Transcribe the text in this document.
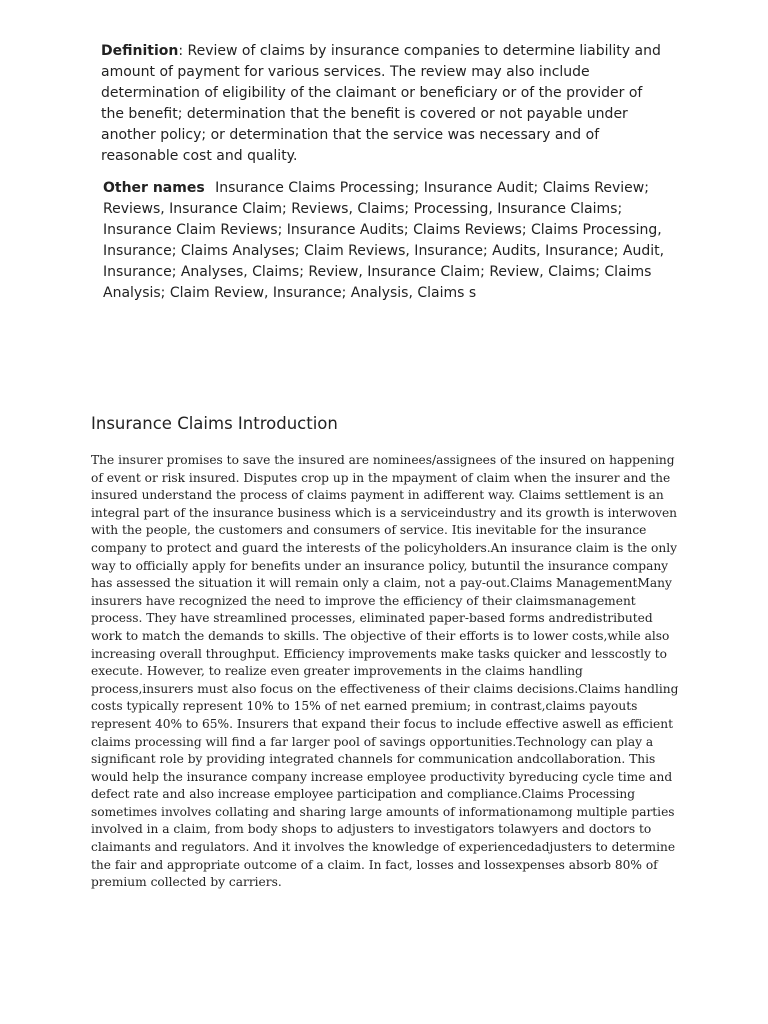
Definition: Review of claims by insurance companies to determine liability and amount of payment for various services. The review may also include determination of eligibility of the claimant or beneficiary or of the provider of the benefit; determination that the benefit is covered or not payable under another policy; or determination that the service was necessary and of reasonable cost and quality.
Other names Insurance Claims Processing; Insurance Audit; Claims Review; Reviews, Insurance Claim; Reviews, Claims; Processing, Insurance Claims; Insurance Claim Reviews; Insurance Audits; Claims Reviews; Claims Processing, Insurance; Claims Analyses; Claim Reviews, Insurance; Audits, Insurance; Audit, Insurance; Analyses, Claims; Review, Insurance Claim; Review, Claims; Claims Analysis; Claim Review, Insurance; Analysis, Claims s
Insurance Claims Introduction

The insurer promises to save the insured are nominees/assignees of the insured on happening of event or risk insured. Disputes crop up in the mpayment of claim when the insurer and the insured understand the process of claims payment in adifferent way. Claims settlement is an integral part of the insurance business which is a serviceindustry and its growth is interwoven with the people, the customers and consumers of service. Itis inevitable for the insurance company to protect and guard the interests of the policyholders.An insurance claim is the only way to officially apply for benefits under an insurance policy, butuntil the insurance company has assessed the situation it will remain only a claim, not a pay-out.Claims ManagementMany insurers have recognized the need to improve the efficiency of their claimsmanagement process. They have streamlined processes, eliminated paper-based forms andredistributed work to match the demands to skills. The objective of their efforts is to lower costs,while also increasing overall throughput. Efficiency improvements make tasks quicker and lesscostly to execute. However, to realize even greater improvements in the claims handling process,insurers must also focus on the effectiveness of their claims decisions.Claims handling costs typically represent 10% to 15% of net earned premium; in contrast,claims payouts represent 40% to 65%. Insurers that expand their focus to include effective aswell as efficient claims processing will find a far larger pool of savings opportunities.Technology can play a significant role by providing integrated channels for communication andcollaboration. This would help the insurance company increase employee productivity byreducing cycle time and defect rate and also increase employee participation and compliance.Claims Processing sometimes involves collating and sharing large amounts of informationamong multiple parties involved in a claim, from body shops to adjusters to investigators tolawyers and doctors to claimants and regulators. And it involves the knowledge of experiencedadjusters to determine the fair and appropriate outcome of a claim. In fact, losses and lossexpenses absorb 80% of premium collected by carriers.
